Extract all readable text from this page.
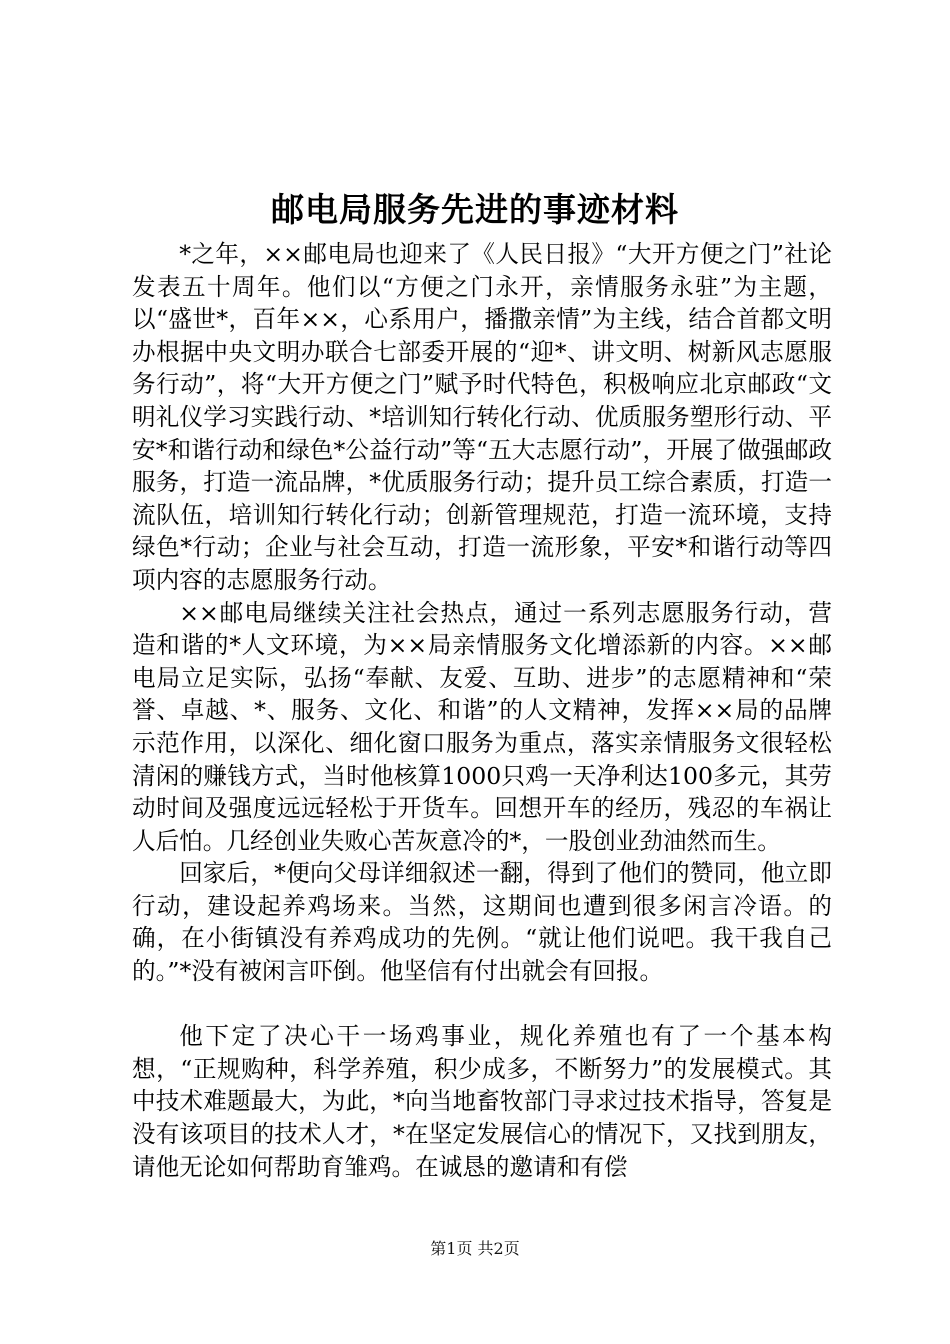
邮电局服务先进的事迹材料

*之年，××邮电局也迎来了《人民日报》“大开方便之门”社论发表五十周年。他们以“方便之门永开，亲情服务永驻”为主题，以“盛世*，百年××，心系用户，播撒亲情”为主线，结合首都文明办根据中央文明办联合七部委开展的“迎*、讲文明、树新风志愿服务行动”，将“大开方便之门”赋予时代特色，积极响应北京邮政“文明礼仪学习实践行动、*培训知行转化行动、优质服务塑形行动、平安*和谐行动和绿色*公益行动”等“五大志愿行动”，开展了做强邮政服务，打造一流品牌，*优质服务行动；提升员工综合素质，打造一流队伍，培训知行转化行动；创新管理规范，打造一流环境，支持绿色*行动；企业与社会互动，打造一流形象，平安*和谐行动等四项内容的志愿服务行动。

××邮电局继续关注社会热点，通过一系列志愿服务行动，营造和谐的*人文环境，为××局亲情服务文化增添新的内容。××邮电局立足实际，弘扬“奉献、友爱、互助、进步”的志愿精神和“荣誉、卓越、*、服务、文化、和谐”的人文精神，发挥××局的品牌示范作用，以深化、细化窗口服务为重点，落实亲情服务文很轻松清闲的赚钱方式，当时他核算1000只鸡一天净利达100多元，其劳动时间及强度远远轻松于开货车。回想开车的经历，残忍的车祸让人后怕。几经创业失败心苦灰意冷的*，一股创业劲油然而生。

回家后，*便向父母详细叙述一翻，得到了他们的赞同，他立即行动，建设起养鸡场来。当然，这期间也遭到很多闲言冷语。的确，在小街镇没有养鸡成功的先例。“就让他们说吧。我干我自己的。”*没有被闲言吓倒。他坚信有付出就会有回报。

他下定了决心干一场鸡事业，规化养殖也有了一个基本构想，“正规购种，科学养殖，积少成多，不断努力”的发展模式。其中技术难题最大，为此，*向当地畜牧部门寻求过技术指导，答复是没有该项目的技术人才，*在坚定发展信心的情况下，又找到朋友，请他无论如何帮助育雏鸡。在诚恳的邀请和有偿

第1页 共2页
